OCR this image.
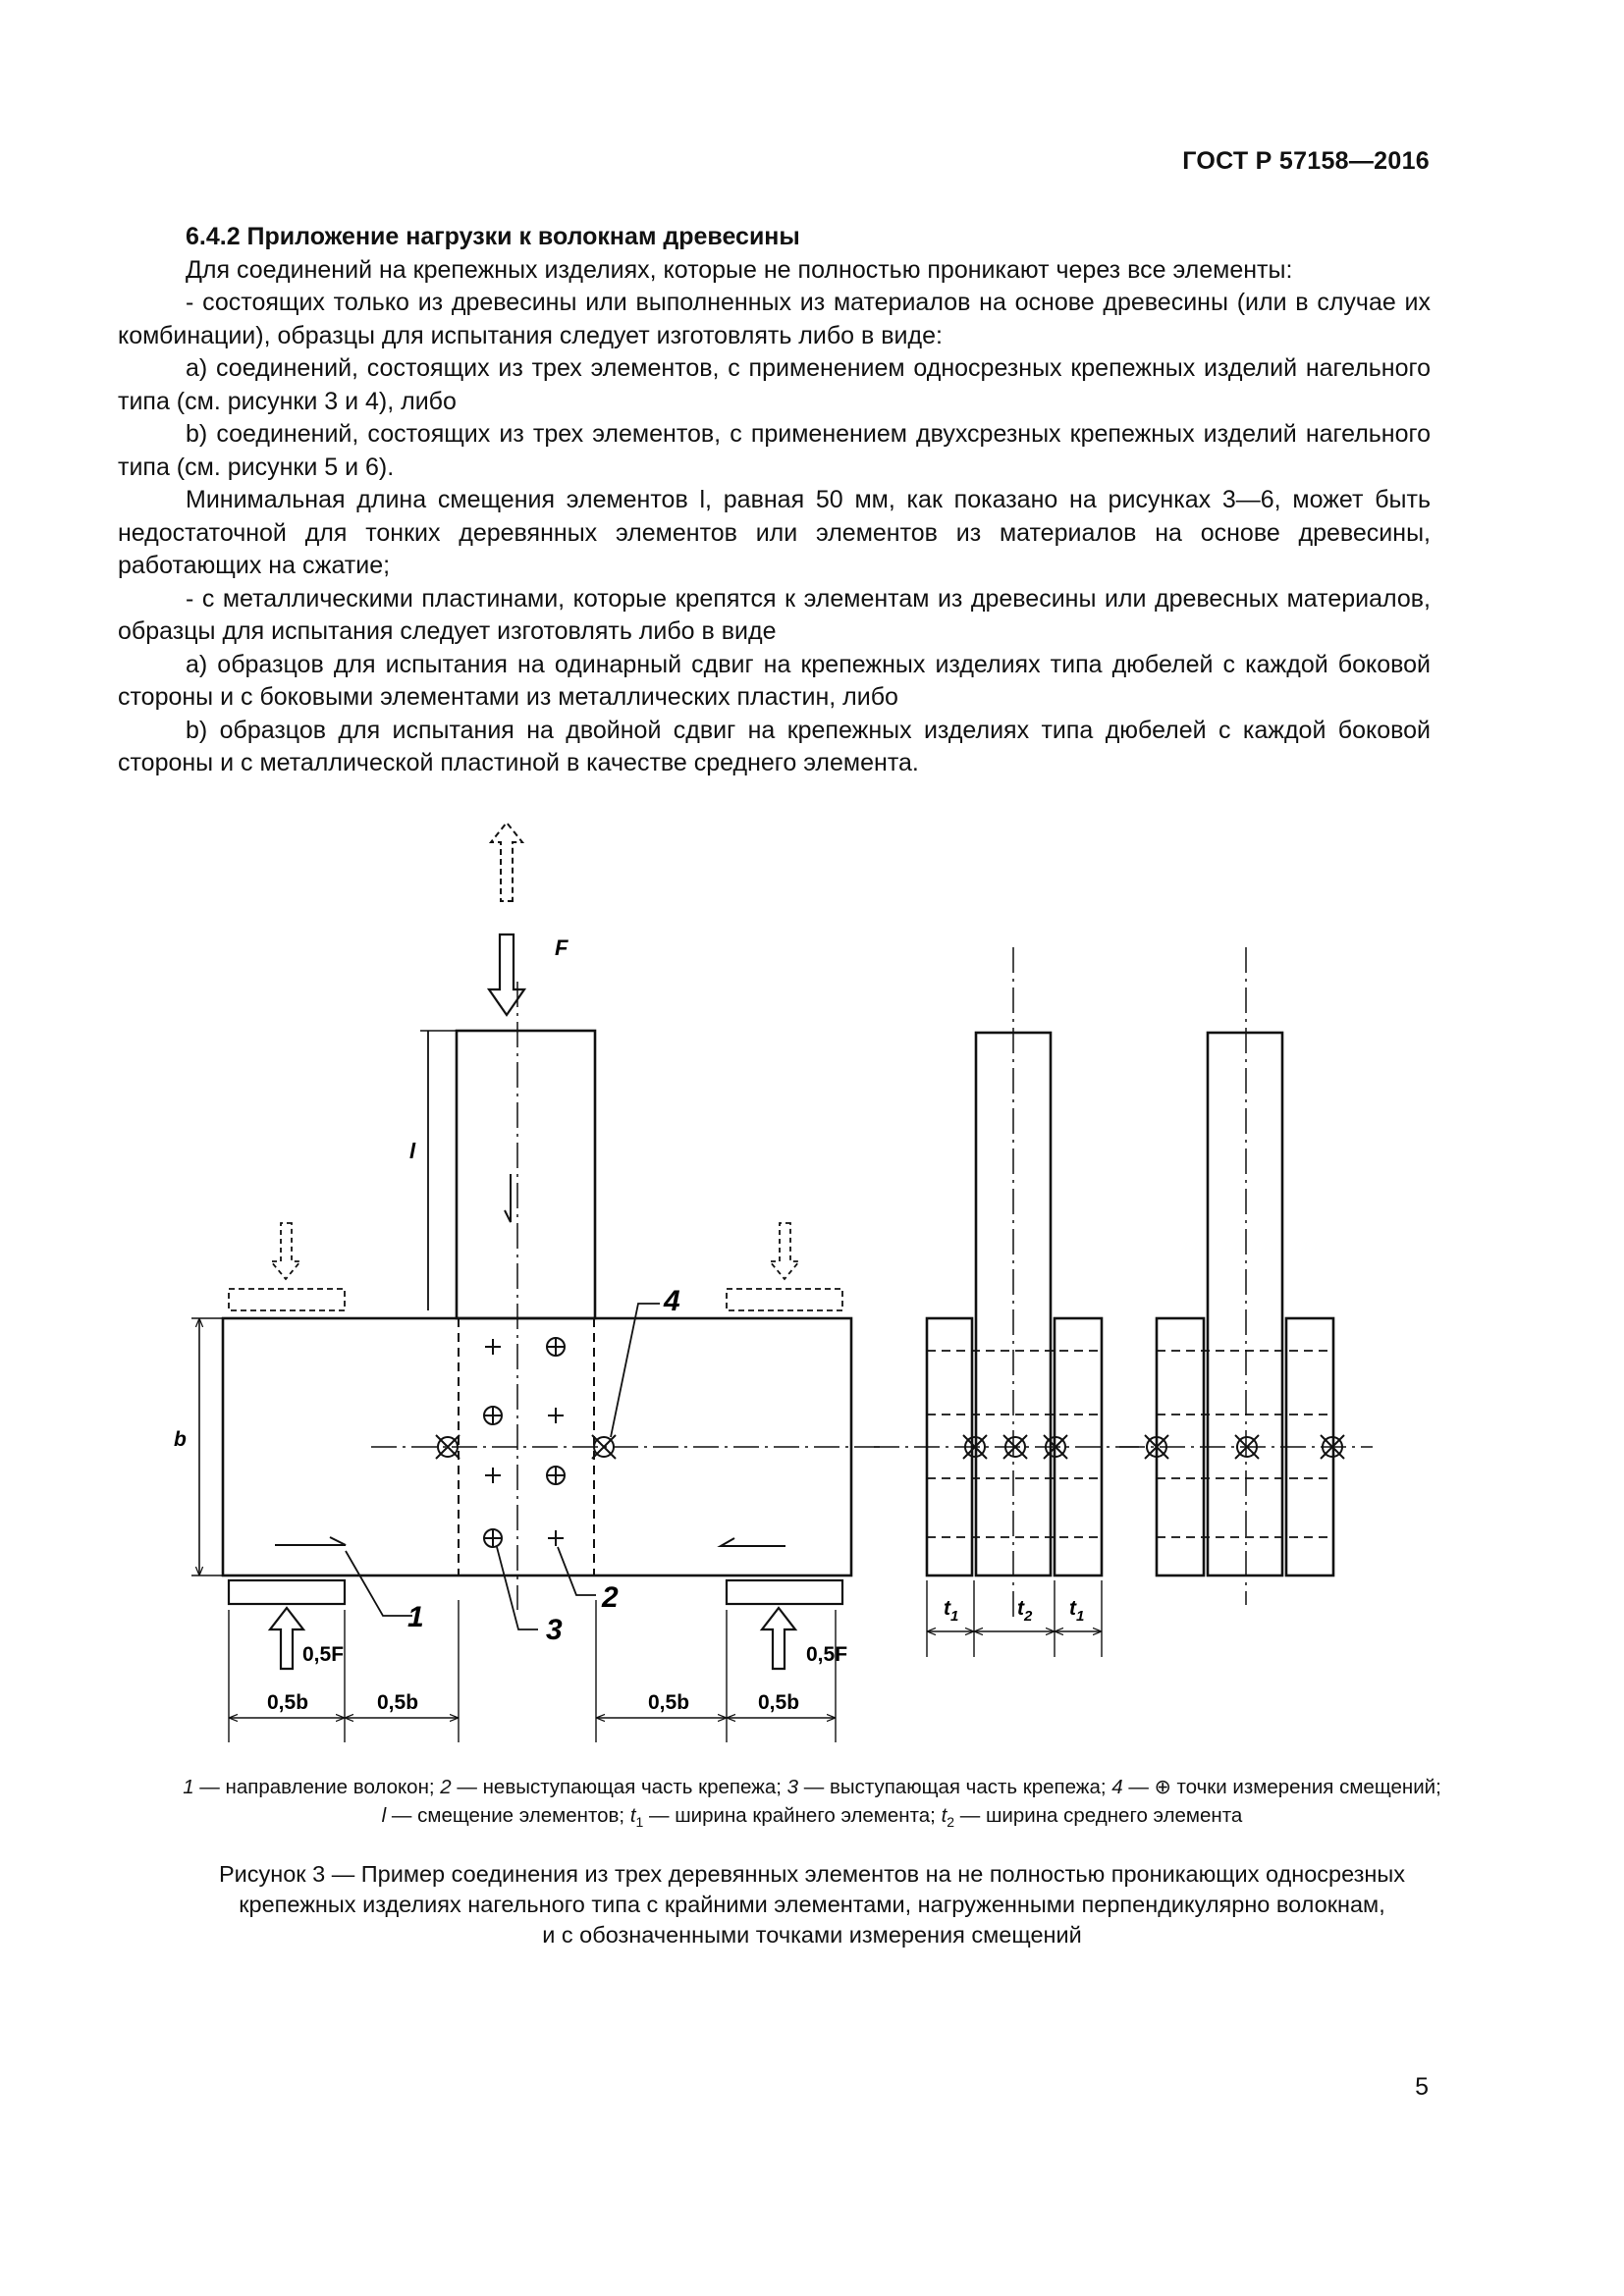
ГОСТ Р 57158—2016

6.4.2 Приложение нагрузки к волокнам древесины

Для соединений на крепежных изделиях, которые не полностью проникают через все элементы:

- состоящих только из древесины или выполненных из материалов на основе древесины (или в случае их комбинации), образцы для испытания следует изготовлять либо в виде:

a) соединений, состоящих из трех элементов, с применением односрезных крепежных изделий нагельного типа (см. рисунки 3 и 4), либо

b) соединений, состоящих из трех элементов, с применением двухсрезных крепежных изделий нагельного типа (см. рисунки 5 и 6).

Минимальная длина смещения элементов l, равная 50 мм, как показано на рисунках 3—6, может быть недостаточной для тонких деревянных элементов или элементов из материалов на основе древесины, работающих на сжатие;

- с металлическими пластинами, которые крепятся к элементам из древесины или древесных материалов, образцы для испытания следует изготовлять либо в виде

a) образцов для испытания на одинарный сдвиг на крепежных изделиях типа дюбелей с каждой боковой стороны и с боковыми элементами из металлических пластин, либо

b) образцов для испытания на двойной сдвиг на крепежных изделиях типа дюбелей с каждой боковой стороны и с металлической пластиной в качестве среднего элемента.

F
l
0,5F	0,5F
b
1	3
2
4
0,5b	0,5b	0,5b	0,5b
$t_1$	$t_2$ $t_1$
1 — направление волокон; 2 — невыступающая часть крепежа; 3 — выступающая часть крепежа; 4 — ⊕ точки измерения смещений;
l — смещение элементов; $t_1$ — ширина крайнего элемента; $t_2$ — ширина среднего элемента
Рисунок 3 — Пример соединения из трех деревянных элементов на не полностью проникающих односрезных
крепежных изделиях нагельного типа с крайними элементами, нагруженными перпендикулярно волокнам,
и с обозначенными точками измерения смещений
5
